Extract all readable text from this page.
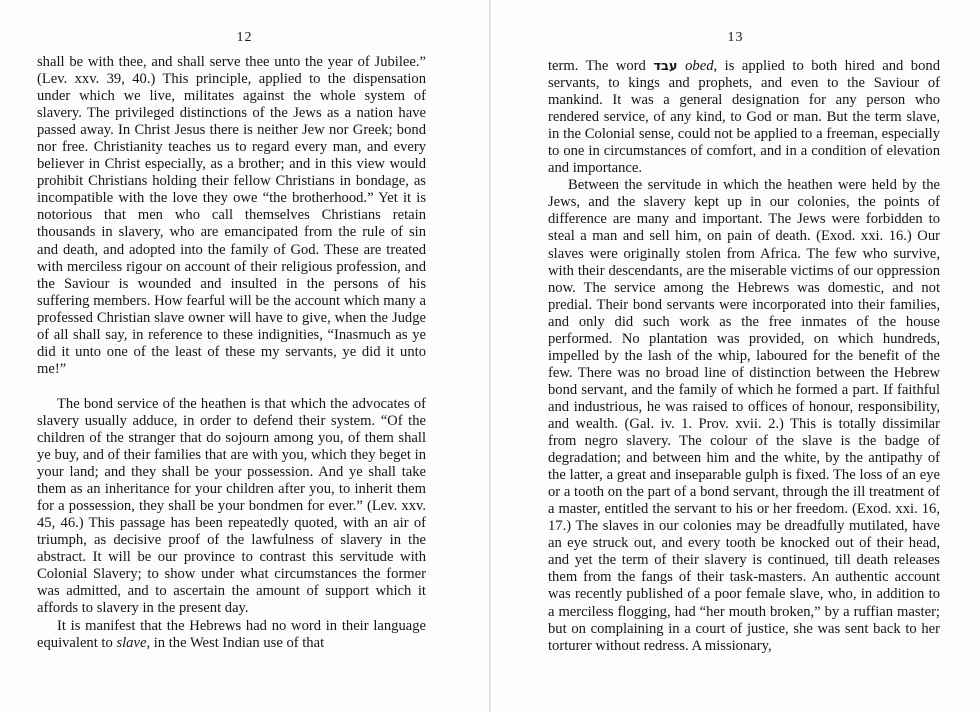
12

shall be with thee, and shall serve thee unto the year of Jubilee.” (Lev. xxv. 39, 40.) This principle, applied to the dispensation under which we live, militates against the whole system of slavery. The privileged distinctions of the Jews as a nation have passed away. In Christ Jesus there is neither Jew nor Greek; bond nor free. Christianity teaches us to regard every man, and every believer in Christ especially, as a brother; and in this view would prohibit Christians holding their fellow Christians in bondage, as incompatible with the love they owe “the brotherhood.” Yet it is notorious that men who call themselves Christians retain thousands in slavery, who are emancipated from the rule of sin and death, and adopted into the family of God. These are treated with merciless rigour on account of their religious profession, and the Saviour is wounded and insulted in the persons of his suffering members. How fearful will be the account which many a professed Christian slave owner will have to give, when the Judge of all shall say, in reference to these indignities, “Inasmuch as ye did it unto one of the least of these my servants, ye did it unto me!”

The bond service of the heathen is that which the advocates of slavery usually adduce, in order to defend their system. “Of the children of the stranger that do sojourn among you, of them shall ye buy, and of their families that are with you, which they beget in your land; and they shall be your possession. And ye shall take them as an inheritance for your children after you, to inherit them for a possession, they shall be your bondmen for ever.” (Lev. xxv. 45, 46.) This passage has been repeatedly quoted, with an air of triumph, as decisive proof of the lawfulness of slavery in the abstract. It will be our province to contrast this servitude with Colonial Slavery; to show under what circumstances the former was admitted, and to ascertain the amount of support which it affords to slavery in the present day.

It is manifest that the Hebrews had no word in their language equivalent to slave, in the West Indian use of that

13

term. The word עבד obed, is applied to both hired and bond servants, to kings and prophets, and even to the Saviour of mankind. It was a general designation for any person who rendered service, of any kind, to God or man. But the term slave, in the Colonial sense, could not be applied to a freeman, especially to one in circumstances of comfort, and in a condition of elevation and importance.

Between the servitude in which the heathen were held by the Jews, and the slavery kept up in our colonies, the points of difference are many and important. The Jews were forbidden to steal a man and sell him, on pain of death. (Exod. xxi. 16.) Our slaves were originally stolen from Africa. The few who survive, with their descendants, are the miserable victims of our oppression now. The service among the Hebrews was domestic, and not predial. Their bond servants were incorporated into their families, and only did such work as the free inmates of the house performed. No plantation was provided, on which hundreds, impelled by the lash of the whip, laboured for the benefit of the few. There was no broad line of distinction between the Hebrew bond servant, and the family of which he formed a part. If faithful and industrious, he was raised to offices of honour, responsibility, and wealth. (Gal. iv. 1. Prov. xvii. 2.) This is totally dissimilar from negro slavery. The colour of the slave is the badge of degradation; and between him and the white, by the antipathy of the latter, a great and inseparable gulph is fixed. The loss of an eye or a tooth on the part of a bond servant, through the ill treatment of a master, entitled the servant to his or her freedom. (Exod. xxi. 16, 17.) The slaves in our colonies may be dreadfully mutilated, have an eye struck out, and every tooth be knocked out of their head, and yet the term of their slavery is continued, till death releases them from the fangs of their task-masters. An authentic account was recently published of a poor female slave, who, in addition to a merciless flogging, had “her mouth broken,” by a ruffian master; but on complaining in a court of justice, she was sent back to her torturer without redress. A missionary,
